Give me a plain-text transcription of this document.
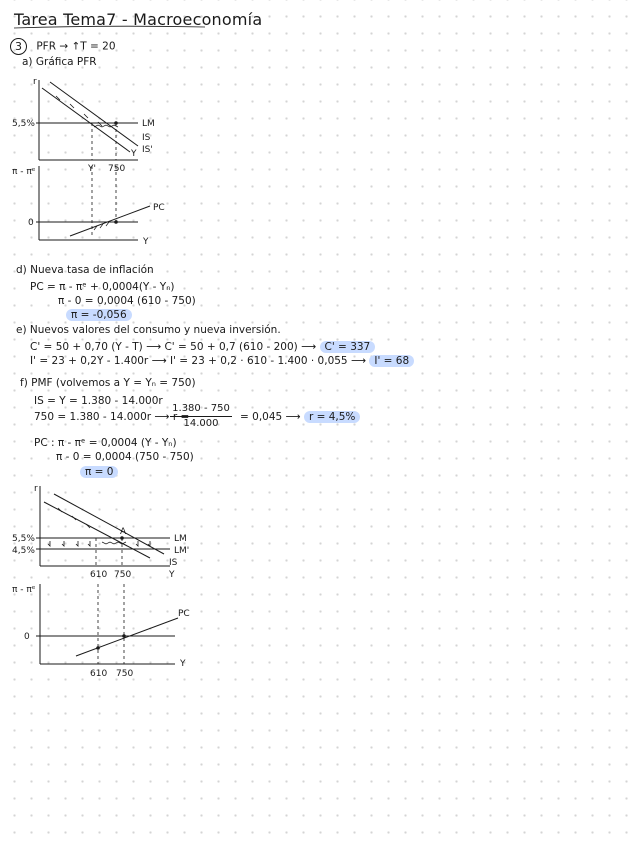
Tarea Tema7 - Macroeconomía
3 PFR → ↑T = 20
a) Gráfica PFR
r
5,5%	LM
IS
IS'
Y
Y' 750
π - πᵉ
0
PC
Y
d) Nueva tasa de inflación
PC = π - πᵉ + 0,0004(Y - Yₙ)
π - 0 = 0,0004 (610 - 750)
π = -0,056
e) Nuevos valores del consumo y nueva inversión.
C' = 50 + 0,70 (Y - T) ⟶ C' = 50 + 0,7 (610 - 200) ⟶ C' = 337
I' = 23 + 0,2Y - 1.400r ⟶ I' = 23 + 0,2 · 610 - 1.400 · 0,055 ⟶ I' = 68
f) PMF (volvemos a Y = Yₙ = 750)
IS = Y = 1.380 - 14.000r
750 = 1.380 - 14.000r ⟶ r =
1.380 - 750
14.000
= 0,045 ⟶ r = 4,5%
PC : π - πᵉ = 0,0004 (Y - Yₙ)
π - 0 = 0,0004 (750 - 750)
π = 0
r
5,5%
4,5%
A
LM
LM'
IS
Y
610 750
π - πᵉ
0
PC
Y
610 750
